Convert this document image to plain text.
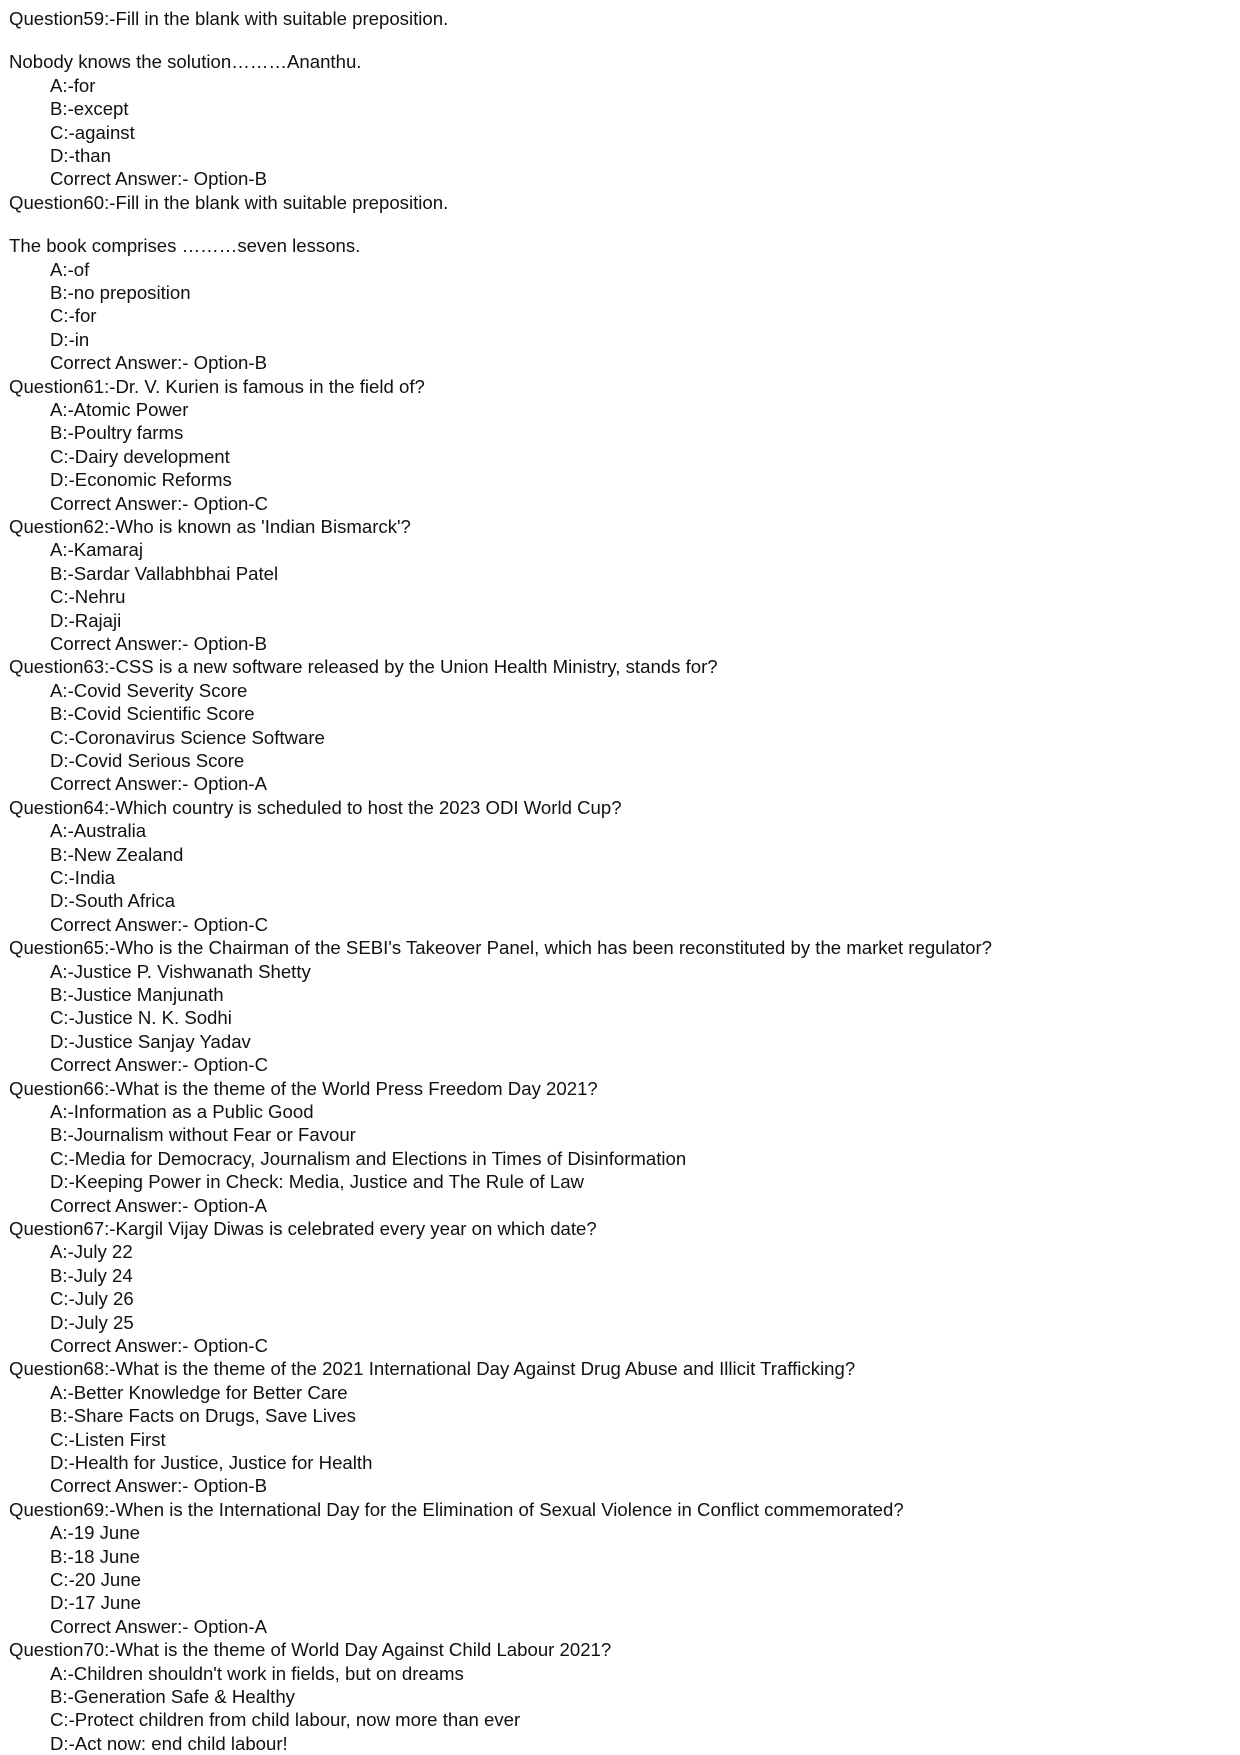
Question59:-Fill in the blank with suitable preposition.
Nobody knows the solution………Ananthu.
A:-for
B:-except
C:-against
D:-than
Correct Answer:- Option-B
Question60:-Fill in the blank with suitable preposition.
The book comprises ………seven lessons.
A:-of
B:-no preposition
C:-for
D:-in
Correct Answer:- Option-B
Question61:-Dr. V. Kurien is famous in the field of?
A:-Atomic Power
B:-Poultry farms
C:-Dairy development
D:-Economic Reforms
Correct Answer:- Option-C
Question62:-Who is known as 'Indian Bismarck'?
A:-Kamaraj
B:-Sardar Vallabhbhai Patel
C:-Nehru
D:-Rajaji
Correct Answer:- Option-B
Question63:-CSS is a new software released by the Union Health Ministry, stands for?
A:-Covid Severity Score
B:-Covid Scientific Score
C:-Coronavirus Science Software
D:-Covid Serious Score
Correct Answer:- Option-A
Question64:-Which country is scheduled to host the 2023 ODI World Cup?
A:-Australia
B:-New Zealand
C:-India
D:-South Africa
Correct Answer:- Option-C
Question65:-Who is the Chairman of the SEBI's Takeover Panel, which has been reconstituted by the market regulator?
A:-Justice P. Vishwanath Shetty
B:-Justice Manjunath
C:-Justice N. K. Sodhi
D:-Justice Sanjay Yadav
Correct Answer:- Option-C
Question66:-What is the theme of the World Press Freedom Day 2021?
A:-Information as a Public Good
B:-Journalism without Fear or Favour
C:-Media for Democracy, Journalism and Elections in Times of Disinformation
D:-Keeping Power in Check: Media, Justice and The Rule of Law
Correct Answer:- Option-A
Question67:-Kargil Vijay Diwas is celebrated every year on which date?
A:-July 22
B:-July 24
C:-July 26
D:-July 25
Correct Answer:- Option-C
Question68:-What is the theme of the 2021 International Day Against Drug Abuse and Illicit Trafficking?
A:-Better Knowledge for Better Care
B:-Share Facts on Drugs, Save Lives
C:-Listen First
D:-Health for Justice, Justice for Health
Correct Answer:- Option-B
Question69:-When is the International Day for the Elimination of Sexual Violence in Conflict commemorated?
A:-19 June
B:-18 June
C:-20 June
D:-17 June
Correct Answer:- Option-A
Question70:-What is the theme of World Day Against Child Labour 2021?
A:-Children shouldn't work in fields, but on dreams
B:-Generation Safe & Healthy
C:-Protect children from child labour, now more than ever
D:-Act now: end child labour!
